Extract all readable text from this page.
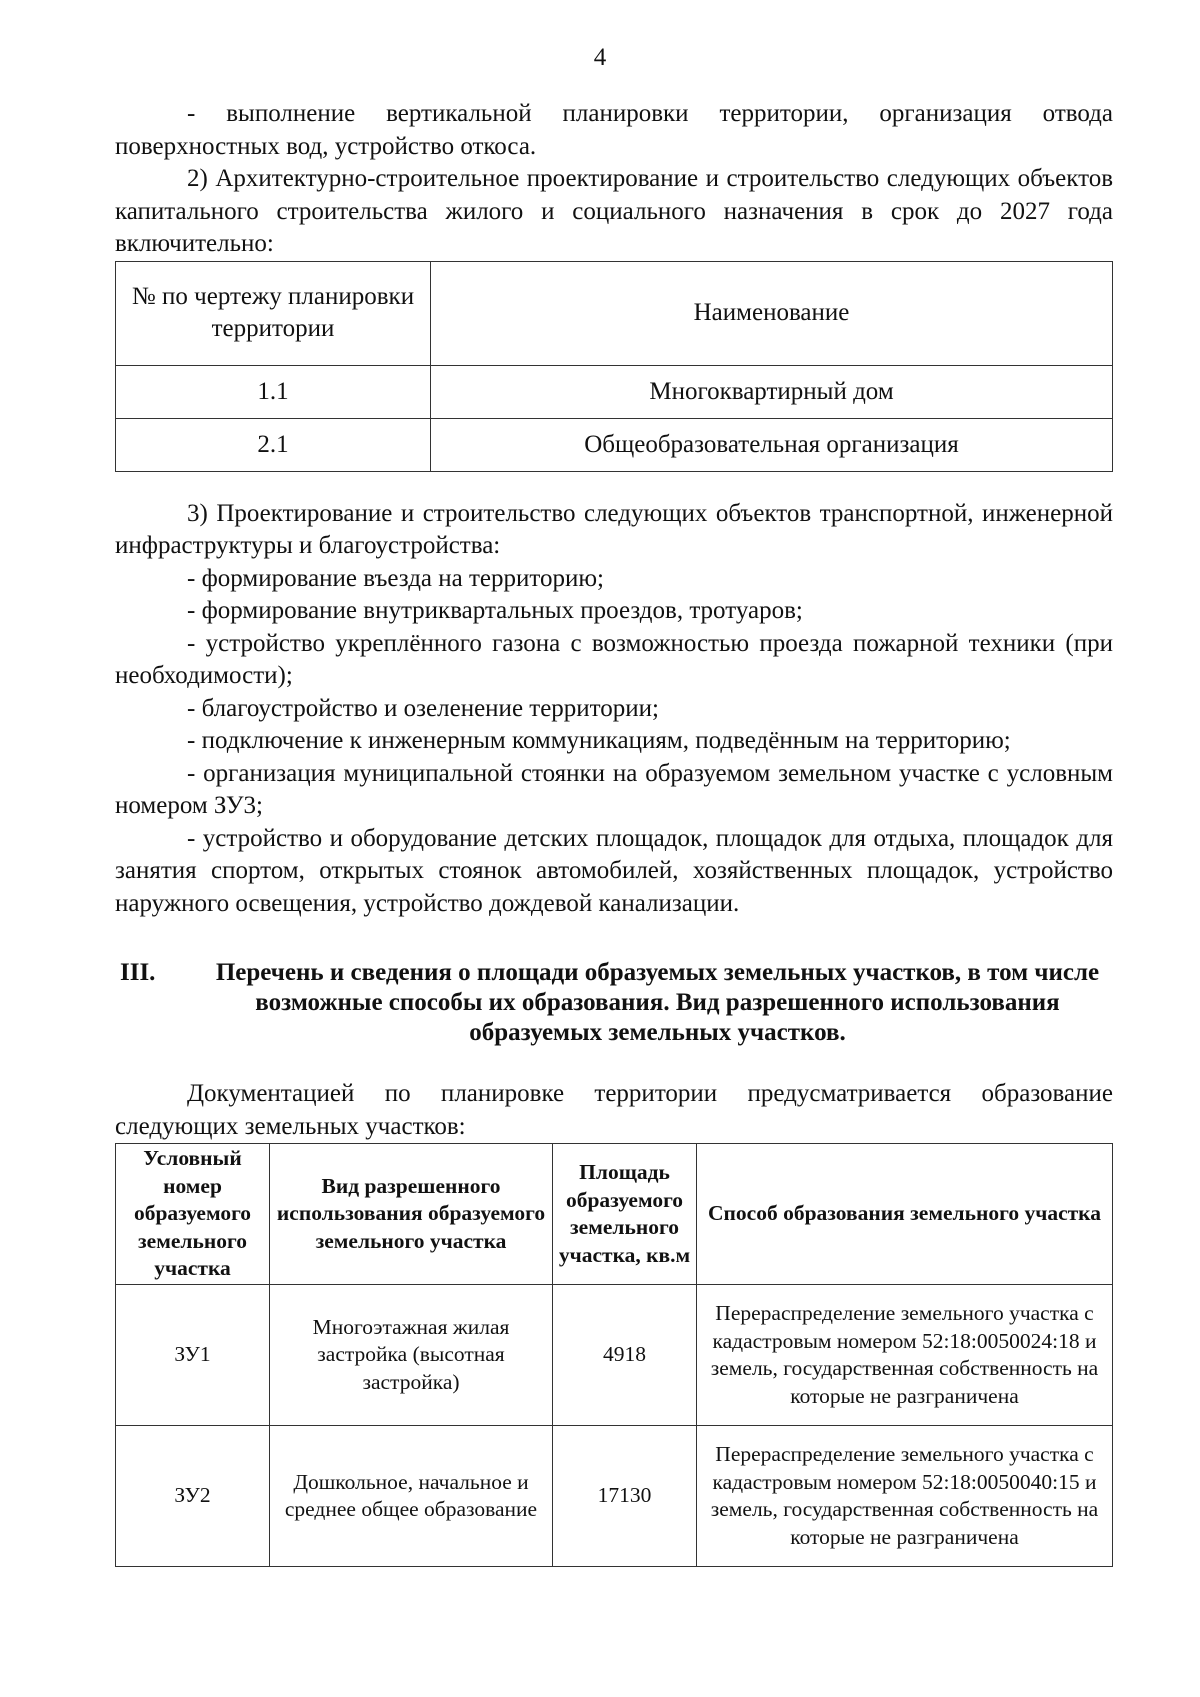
4

- выполнение вертикальной планировки территории, организация отвода поверхностных вод, устройство откоса.

2) Архитектурно-строительное проектирование и строительство следующих объектов капитального строительства жилого и социального назначения в срок до 2027 года включительно:

№ по чертежу планировки территории	Наименование
1.1	Многоквартирный дом
2.1	Общеобразовательная организация

3) Проектирование и строительство следующих объектов транспортной, инженерной инфраструктуры и благоустройства:

- формирование въезда на территорию;

- формирование внутриквартальных проездов, тротуаров;

- устройство укреплённого газона с возможностью проезда пожарной техники (при необходимости);

- благоустройство и озеленение территории;

- подключение к инженерным коммуникациям, подведённым на территорию;

- организация муниципальной стоянки на образуемом земельном участке с условным номером ЗУ3;

- устройство и оборудование детских площадок, площадок для отдыха, площадок для занятия спортом, открытых стоянок автомобилей, хозяйственных площадок, устройство наружного освещения, устройство дождевой канализации.

III. Перечень и сведения о площади образуемых земельных участков, в том числе возможные способы их образования. Вид разрешенного использования образуемых земельных участков.

Документацией по планировке территории предусматривается образование следующих земельных участков:

Условный номер образуемого земельного участка	Вид разрешенного использования образуемого земельного участка	Площадь образуемого земельного участка, кв.м	Способ образования земельного участка
ЗУ1	Многоэтажная жилая застройка (высотная застройка)	4918	Перераспределение земельного участка с кадастровым номером 52:18:0050024:18 и земель, государственная собственность на которые не разграничена
ЗУ2	Дошкольное, начальное и среднее общее образование	17130	Перераспределение земельного участка с кадастровым номером 52:18:0050040:15 и земель, государственная собственность на которые не разграничена
